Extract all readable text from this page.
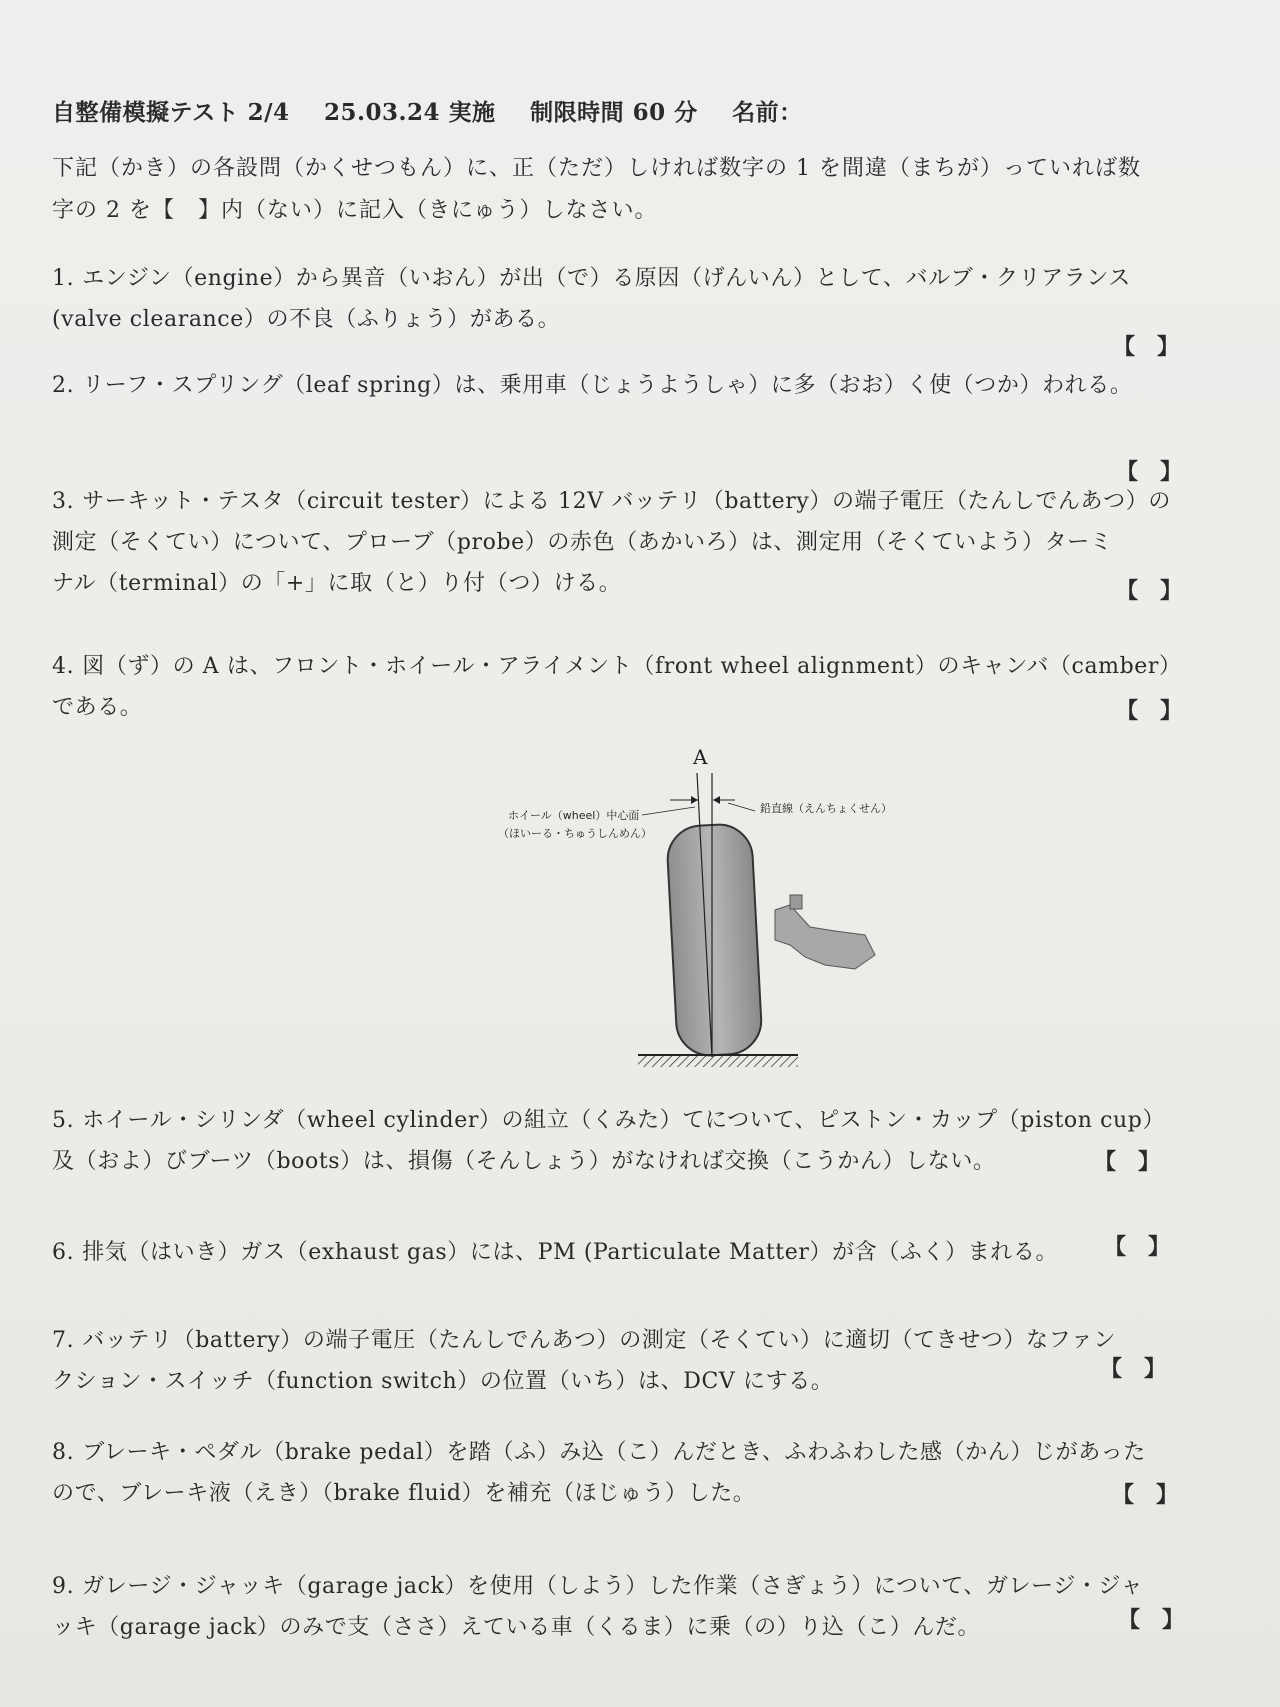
自整備模擬テスト 2/4 25.03.24 実施 制限時間 60 分 名前：
下記（かき）の各設問（かくせつもん）に、正（ただ）しければ数字の 1 を間違（まちが）っていれば数
字の 2 を【　】内（ない）に記入（きにゅう）しなさい。
1. エンジン（engine）から異音（いおん）が出（で）る原因（げんいん）として、バルブ・クリアランス
(valve clearance）の不良（ふりょう）がある。
【　】
2. リーフ・スプリング（leaf spring）は、乗用車（じょうようしゃ）に多（おお）く使（つか）われる。
【　】
3. サーキット・テスタ（circuit tester）による 12V バッテリ（battery）の端子電圧（たんしでんあつ）の
測定（そくてい）について、プローブ（probe）の赤色（あかいろ）は、測定用（そくていよう）ターミ
ナル（terminal）の「+」に取（と）り付（つ）ける。	【　】
4. 図（ず）の A は、フロント・ホイール・アライメント（front wheel alignment）のキャンバ（camber）
である。	【　】
A
ホイール（wheel）中心面
（ほいーる・ちゅうしんめん）
鉛直線（えんちょくせん）
5. ホイール・シリンダ（wheel cylinder）の組立（くみた）てについて、ピストン・カップ（piston cup）
及（およ）びブーツ（boots）は、損傷（そんしょう）がなければ交換（こうかん）しない。	【　】
6. 排気（はいき）ガス（exhaust gas）には、PM (Particulate Matter）が含（ふく）まれる。	【　】
7. バッテリ（battery）の端子電圧（たんしでんあつ）の測定（そくてい）に適切（てきせつ）なファン
クション・スイッチ（function switch）の位置（いち）は、DCV にする。	【　】
8. ブレーキ・ペダル（brake pedal）を踏（ふ）み込（こ）んだとき、ふわふわした感（かん）じがあった
ので、ブレーキ液（えき）（brake fluid）を補充（ほじゅう）した。	【　】
9. ガレージ・ジャッキ（garage jack）を使用（しよう）した作業（さぎょう）について、ガレージ・ジャ
ッキ（garage jack）のみで支（ささ）えている車（くるま）に乗（の）り込（こ）んだ。	【　】
